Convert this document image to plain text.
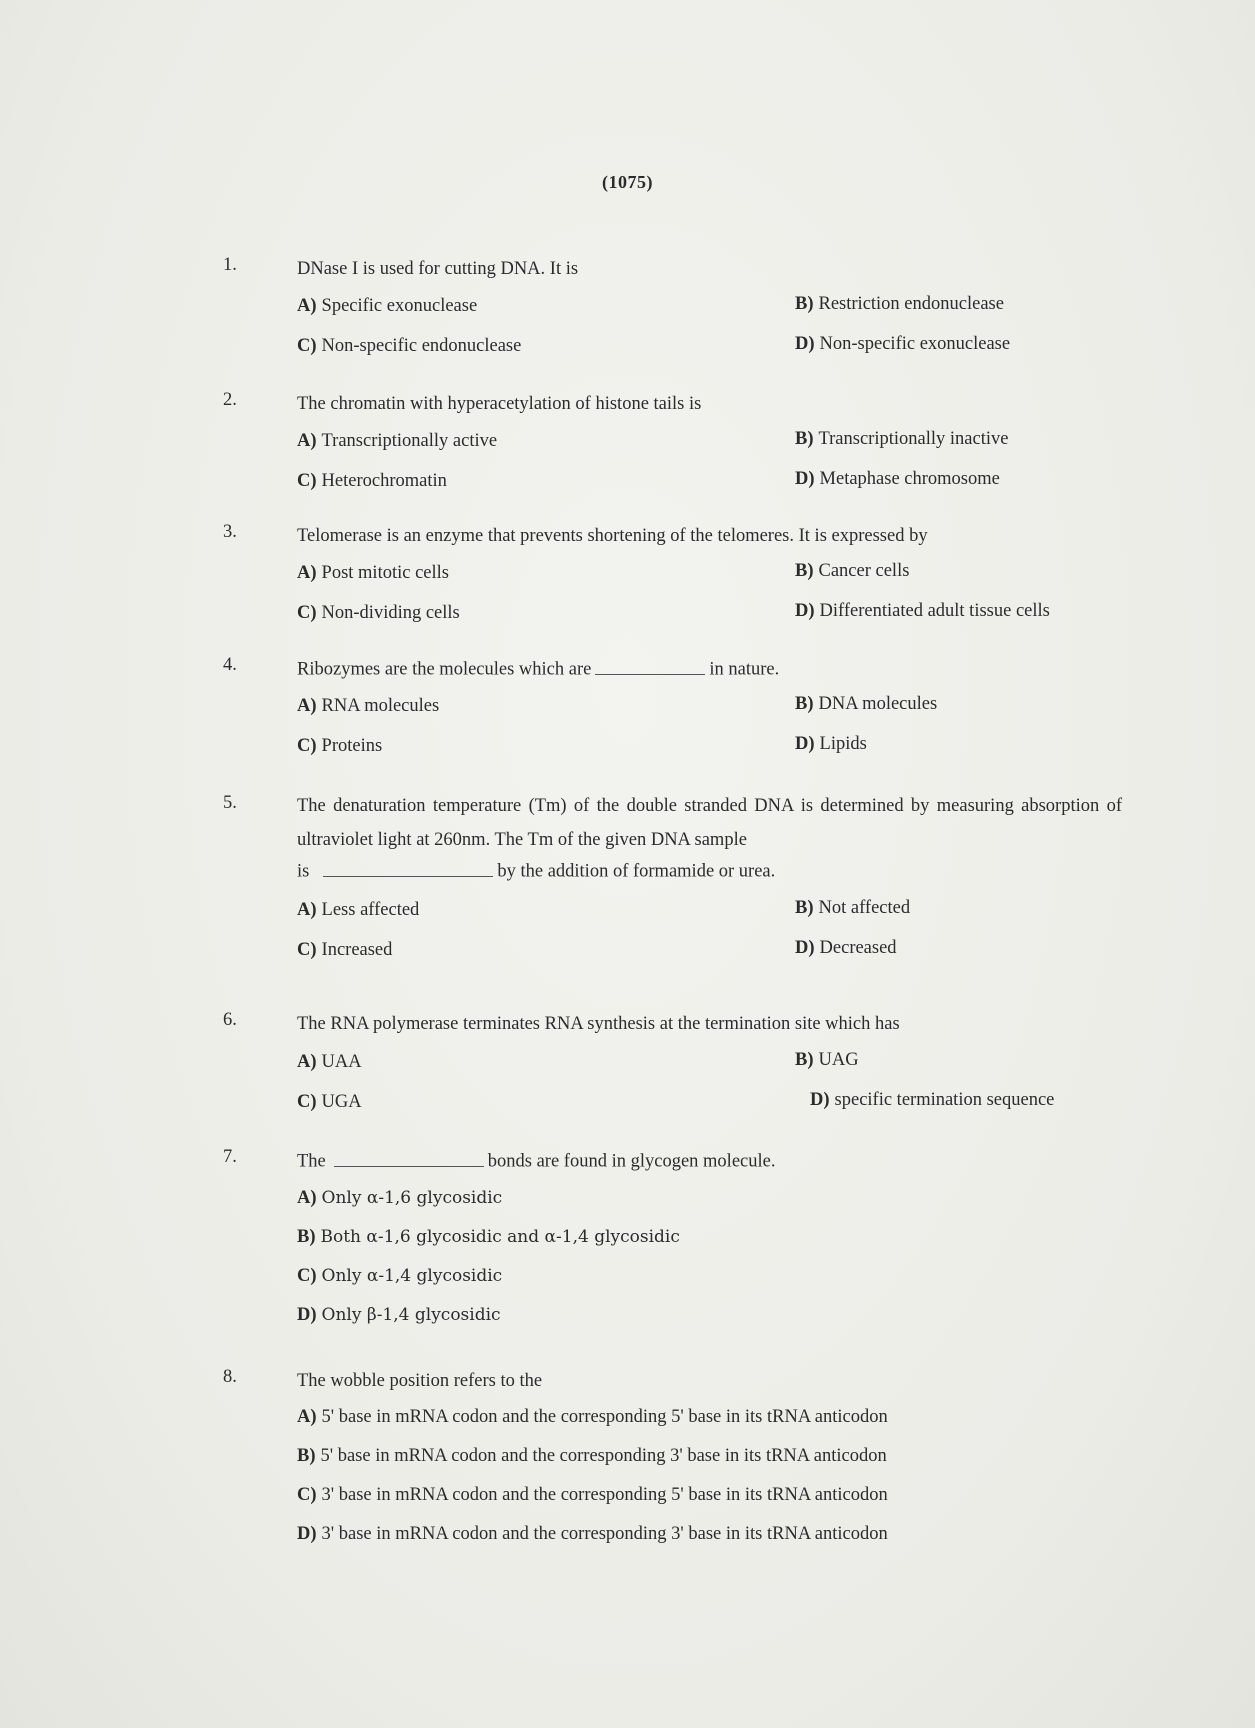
(1075)
1.	DNase I is used for cutting DNA. It is
A) Specific exonuclease	B) Restriction endonuclease
C) Non-specific endonuclease	D) Non-specific exonuclease
2.	The chromatin with hyperacetylation of histone tails is
A) Transcriptionally active	B) Transcriptionally inactive
C) Heterochromatin	D) Metaphase chromosome
3.	Telomerase is an enzyme that prevents shortening of the telomeres. It is expressed by
A) Post mitotic cells	B) Cancer cells
C) Non-dividing cells	D) Differentiated adult tissue cells
4.	Ribozymes are the molecules which are	in nature.
A) RNA molecules	B) DNA molecules
C) Proteins	D) Lipids
5.	The denaturation temperature (Tm) of the double stranded DNA is determined by measuring absorption of ultraviolet light at 260nm. The Tm of the given DNA sample
is	by the addition of formamide or urea.
A) Less affected	B) Not affected
C) Increased	D) Decreased
6.	The RNA polymerase terminates RNA synthesis at the termination site which has
A) UAA	B) UAG
C) UGA	D) specific termination sequence
7.	The	bonds are found in glycogen molecule.
A) Only α-1,6 glycosidic
B) Both α-1,6 glycosidic and α-1,4 glycosidic
C) Only α-1,4 glycosidic
D) Only β-1,4 glycosidic
8.	The wobble position refers to the
A) 5' base in mRNA codon and the corresponding 5' base in its tRNA anticodon
B) 5' base in mRNA codon and the corresponding 3' base in its tRNA anticodon
C) 3' base in mRNA codon and the corresponding 5' base in its tRNA anticodon
D) 3' base in mRNA codon and the corresponding 3' base in its tRNA anticodon
